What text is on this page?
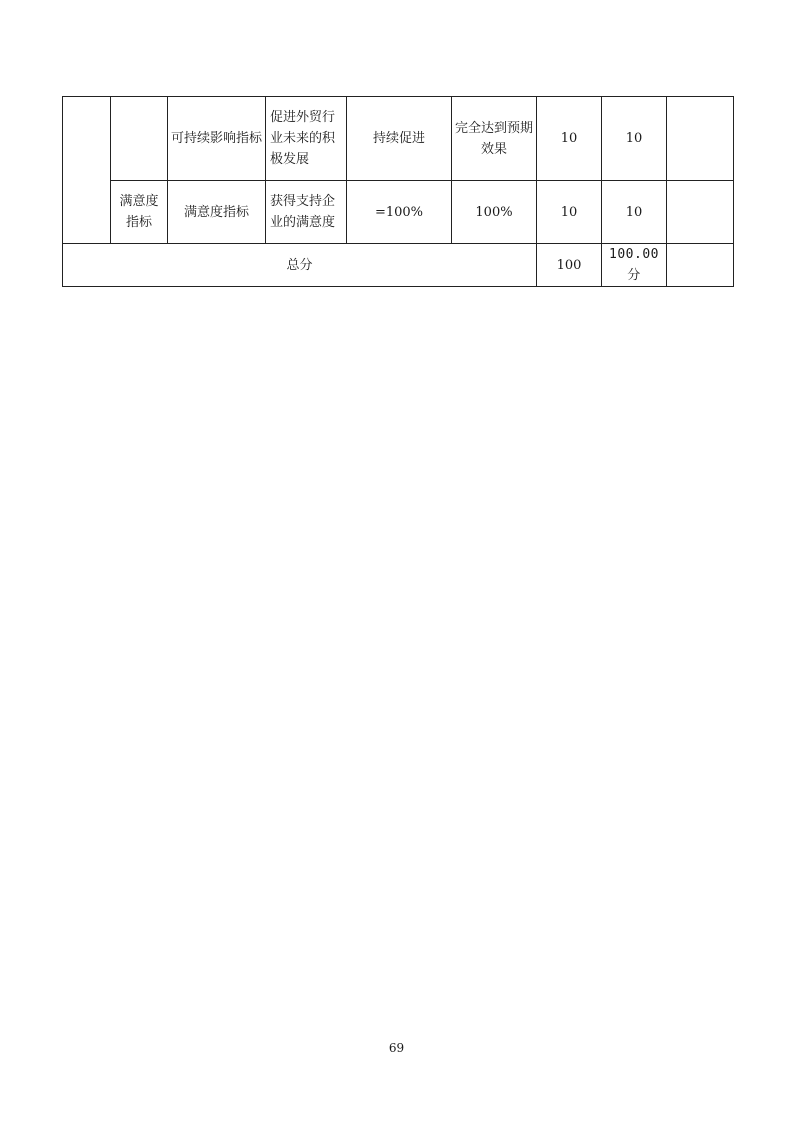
		可持续影响指标	促进外贸行业未来的积极发展	持续促进	完全达到预期效果	10	10	
	满意度指标	满意度指标	获得支持企业的满意度	=100%	100%	10	10	
总分						100	100.00分	
69
